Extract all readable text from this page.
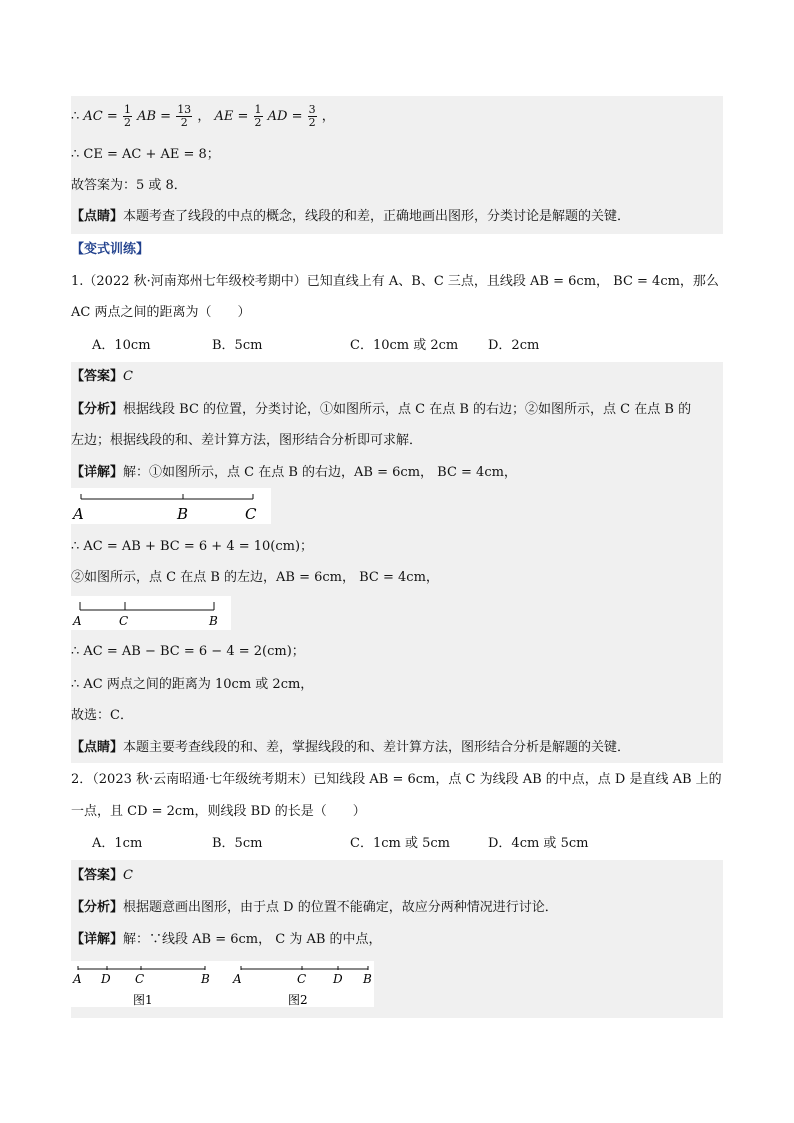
∴ AC = $\frac{1}{2}$ AB = $\frac{13}{2}$ ， AE = $\frac{1}{2}$ AD = $\frac{3}{2}$ ，
∴ CE = AC + AE = 8；
故答案为：5 或 8．
【点睛】本题考查了线段的中点的概念，线段的和差，正确地画出图形，分类讨论是解题的关键．
【变式训练】
1.（2022 秋·河南郑州七年级校考期中）已知直线上有 A、B、C 三点，且线段 AB = 6cm， BC = 4cm，那么
AC 两点之间的距离为（　　）
A．10cm	B．5cm	C．10cm 或 2cm D．2cm
【答案】C
【分析】根据线段 BC 的位置，分类讨论，①如图所示，点 C 在点 B 的右边；②如图所示，点 C 在点 B 的
左边；根据线段的和、差计算方法，图形结合分析即可求解．
【详解】解：①如图所示，点 C 在点 B 的右边，AB = 6cm， BC = 4cm，
A	B	C
∴ AC = AB + BC = 6 + 4 = 10(cm)；
②如图所示，点 C 在点 B 的左边，AB = 6cm， BC = 4cm，
A	C	B
∴ AC = AB − BC = 6 − 4 = 2(cm)；
∴ AC 两点之间的距离为 10cm 或 2cm，
故选：C．
【点睛】本题主要考查线段的和、差，掌握线段的和、差计算方法，图形结合分析是解题的关键．
2．（2023 秋·云南昭通·七年级统考期末）已知线段 AB = 6cm，点 C 为线段 AB 的中点，点 D 是直线 AB 上的
一点，且 CD = 2cm，则线段 BD 的长是（　　）
A．1cm	B．5cm	C．1cm 或 5cm	D．4cm 或 5cm
【答案】C
【分析】根据题意画出图形，由于点 D 的位置不能确定，故应分两种情况进行讨论．
【详解】解：∵线段 AB = 6cm， C 为 AB 的中点，
A D C	B
图1
A	C D B
图2
